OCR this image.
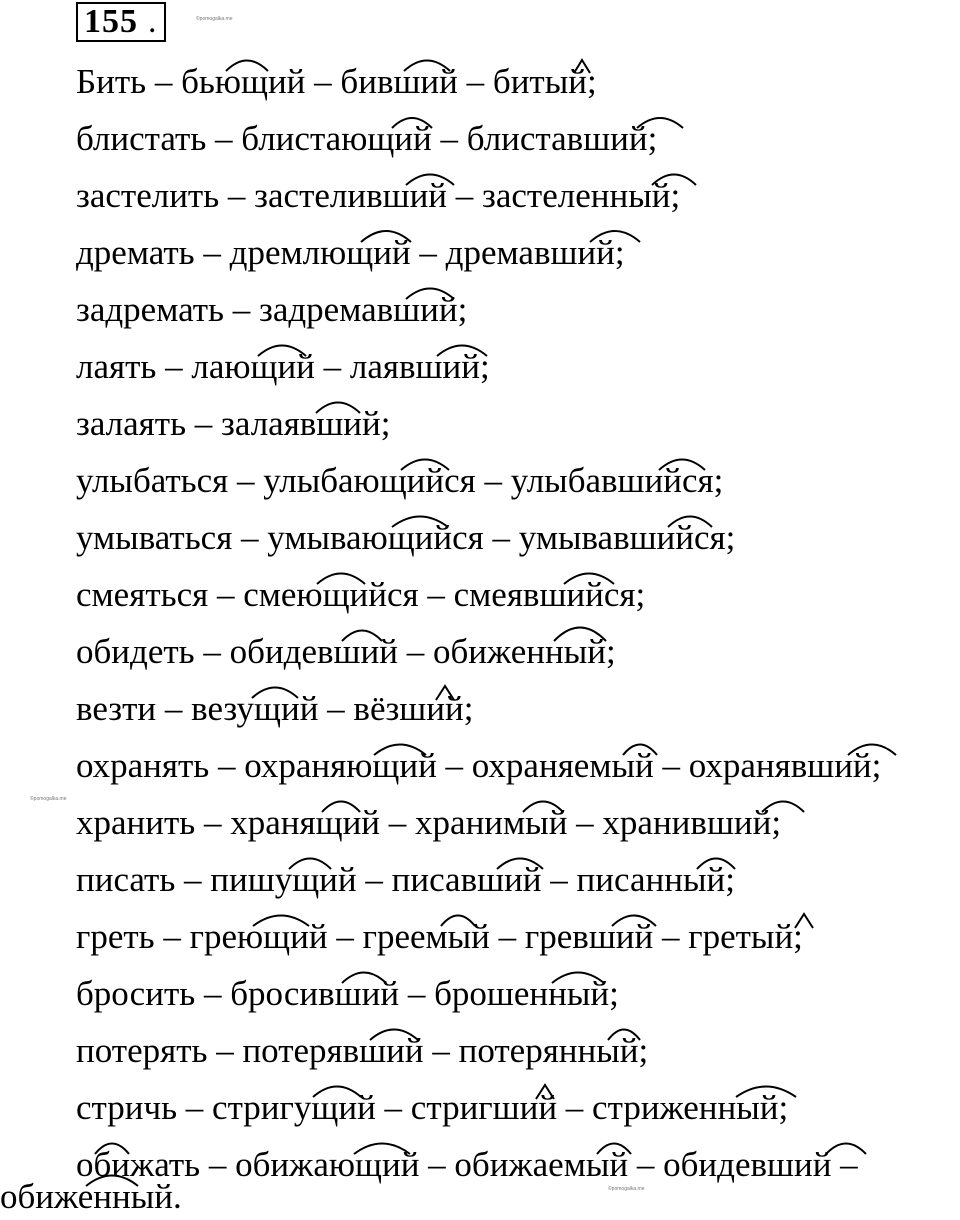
155 .	©pomogalka.me
©pomogalka.me
©pomogalka.me
Бить – бьющий – бивший – битый;
блистать – блистающий – блиставший;
застелить – застеливший – застеленный;
дремать – дремлющий – дремавший;
задремать – задремавший;
лаять – лающий – лаявший;
залаять – залаявший;
улыбаться – улыбающийся – улыбавшийся;
умываться – умывающийся – умывавшийся;
смеяться – смеющийся – смеявшийся;
обидеть – обидевший – обиженный;
везти – везущий – вёзший;
охранять – охраняющий – охраняемый – охранявший;
хранить – хранящий – хранимый – хранивший;
писать – пишущий – писавший – писанный;
греть – греющий – греемый – гревший – гретый;
бросить – бросивший – брошенный;
потерять – потерявший – потерянный;
стричь – стригущий – стригший – стриженный;
обижать – обижающий – обижаемый – обидевший –
обиженный.
